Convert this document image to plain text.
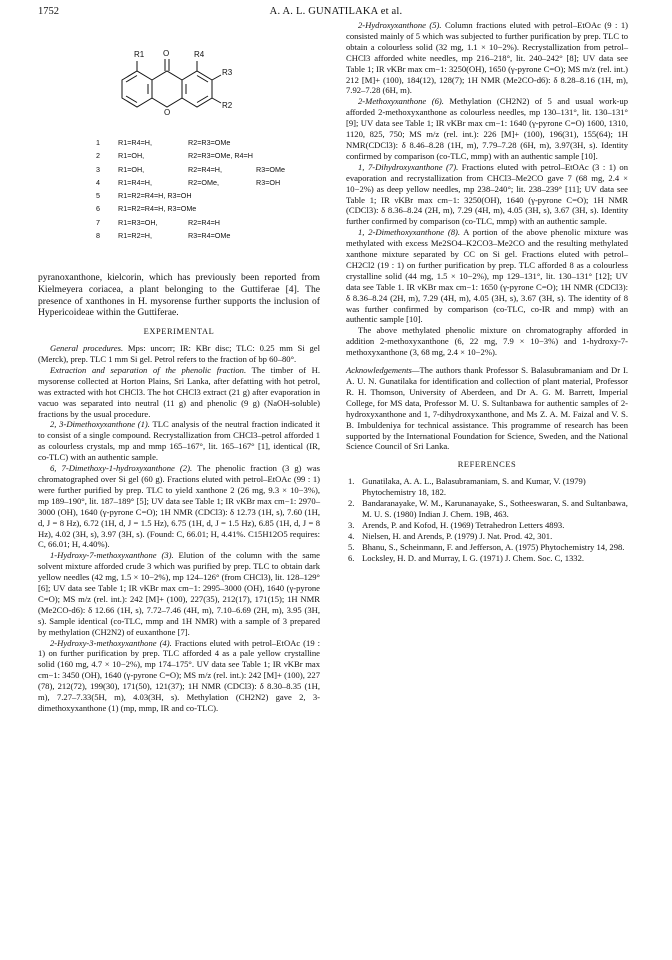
1752	A. A. L. GUNATILAKA et al.
R1 O	R4
R3
R2
O
1	R1=R4=H,	R2=R3=OMe
2	R1=OH,	R2=R3=OMe, R4=H
3	R1=OH,	R2=R4=H,	R3=OMe
4	R1=R4=H,	R2=OMe,	R3=OH
5	R1=R2=R4=H, R3=OH
6	R1=R2=R4=H, R3=OMe
7	R1=R3=OH,	R2=R4=H
8	R1=R2=H,	R3=R4=OMe

pyranoxanthone, kielcorin, which has previously been reported from Kielmeyera coriacea, a plant belonging to the Guttiferae [4]. The presence of xanthones in H. mysorense further supports the inclusion of Hypericoideae within the Guttiferae.

EXPERIMENTAL

General procedures. Mps: uncorr; IR: KBr disc; TLC: 0.25 mm Si gel (Merck), prep. TLC 1 mm Si gel. Petrol refers to the fraction of bp 60–80°.

Extraction and separation of the phenolic fraction. The timber of H. mysorense collected at Horton Plains, Sri Lanka, after defatting with hot petrol, was extracted with hot CHCl3. The hot CHCl3 extract (21 g) after evaporation in vacuo was separated into neutral (11 g) and phenolic (9 g) (NaOH-soluble) fractions by the usual procedure.

2, 3-Dimethoxyxanthone (1). TLC analysis of the neutral fraction indicated it to consist of a single compound. Recrystallization from CHCl3–petrol afforded 1 as colourless crystals, mp and mmp 165–167°, lit. 165–167° [1], identical (IR, co-TLC) with an authentic sample.

6, 7-Dimethoxy-1-hydroxyxanthone (2). The phenolic fraction (3 g) was chromatographed over Si gel (60 g). Fractions eluted with petrol–EtOAc (99 : 1) were further purified by prep. TLC to yield xanthone 2 (26 mg, 9.3 × 10−3%), mp 189–190°, lit. 187–189° [5]; UV data see Table 1; IR νKBr max cm−1: 2970–3000 (OH), 1640 (γ-pyrone C=O); 1H NMR (CDCl3): δ 12.73 (1H, s), 7.60 (1H, d, J = 8 Hz), 6.72 (1H, d, J = 1.5 Hz), 6.75 (1H, d, J = 1.5 Hz), 6.85 (1H, d, J = 8 Hz), 4.02 (3H, s), 3.97 (3H, s). (Found: C, 66.01; H, 4.41%. C15H12O5 requires: C, 66.01; H, 4.40%).

1-Hydroxy-7-methoxyxanthone (3). Elution of the column with the same solvent mixture afforded crude 3 which was purified by prep. TLC to obtain dark yellow needles (42 mg, 1.5 × 10−2%), mp 124–126° (from CHCl3), lit. 128–129° [6]; UV data see Table 1; IR νKBr max cm−1: 2995–3000 (OH), 1640 (γ-pyrone C=O); MS m/z (rel. int.): 242 [M]+ (100), 227(35), 212(17), 171(15); 1H NMR (Me2CO-d6): δ 12.66 (1H, s), 7.72–7.46 (4H, m), 7.10–6.69 (2H, m), 3.95 (3H, s). Sample identical (co-TLC, mmp and 1H NMR) with a sample of 3 prepared by methylation (CH2N2) of euxanthone [7].

2-Hydroxy-3-methoxyxanthone (4). Fractions eluted with petrol–EtOAc (19 : 1) on further purification by prep. TLC afforded 4 as a pale yellow crystalline solid (160 mg, 4.7 × 10−2%), mp 174–175°. UV data see Table 1; IR νKBr max cm−1: 3450 (OH), 1640 (γ-pyrone C=O); MS m/z (rel. int.): 242 [M]+ (100), 227 (78), 212(72), 199(30), 171(50), 121(37); 1H NMR (CDCl3): δ 8.30–8.35 (1H, m), 7.27–7.33(5H, m), 4.03(3H, s). Methylation (CH2N2) gave 2, 3-dimethoxyxanthone (1) (mp, mmp, IR and co-TLC).

2-Hydroxyxanthone (5). Column fractions eluted with petrol–EtOAc (9 : 1) consisted mainly of 5 which was subjected to further purification by prep. TLC to obtain a colourless solid (32 mg, 1.1 × 10−2%). Recrystallization from petrol–CHCl3 afforded white needles, mp 216–218°, lit. 240–242° [8]; UV data see Table 1; IR νKBr max cm−1: 3250(OH), 1650 (γ-pyrone C=O); MS m/z (rel. int.) 212 [M]+ (100), 184(12), 128(7); 1H NMR (Me2CO-d6): δ 8.28–8.16 (1H, m), 7.92–7.28 (6H, m).

2-Methoxyxanthone (6). Methylation (CH2N2) of 5 and usual work-up afforded 2-methoxyxanthone as colourless needles, mp 130–131°, lit. 130–131° [9]; UV data see Table 1; IR νKBr max cm−1: 1640 (γ-pyrone C=O) 1600, 1310, 1120, 825, 750; MS m/z (rel. int.): 226 [M]+ (100), 196(31), 155(64); 1H NMR(CDCl3): δ 8.46–8.28 (1H, m), 7.79–7.28 (6H, m), 3.97(3H, s). Identity confirmed by comparison (co-TLC, mmp) with an authentic sample [10].

1, 7-Dihydroxyxanthone (7). Fractions eluted with petrol–EtOAc (3 : 1) on evaporation and recrystallization from CHCl3–Me2CO gave 7 (68 mg, 2.4 × 10−2%) as deep yellow needles, mp 238–240°; lit. 238–239° [11]; UV data see Table 1; IR νKBr max cm−1: 3250(OH), 1640 (γ-pyrone C=O); 1H NMR (CDCl3): δ 8.36–8.24 (2H, m), 7.29 (4H, m), 4.05 (3H, s), 3.67 (3H, s). Identity further confirmed by comparison (co-TLC, mmp) with an authentic sample.

1, 2-Dimethoxyxanthone (8). A portion of the above phenolic mixture was methylated with excess Me2SO4–K2CO3–Me2CO and the resulting methylated xanthone mixture separated by CC on Si gel. Fractions eluted with petrol–CH2Cl2 (19 : 1) on further purification by prep. TLC afforded 8 as a colourless crystalline solid (44 mg, 1.5 × 10−2%), mp 129–131°, lit. 130–131° [12]; UV data see Table 1. IR νKBr max cm−1: 1650 (γ-pyrone C=O); 1H NMR (CDCl3): δ 8.36–8.24 (2H, m), 7.29 (4H, m), 4.05 (3H, s), 3.67 (3H, s). The identity of 8 was further confirmed by comparison (co-TLC, co-IR and mmp) with an authentic sample [10].

The above methylated phenolic mixture on chromatography afforded in addition 2-methoxyxanthone (6, 22 mg, 7.9 × 10−3%) and 1-hydroxy-7-methoxyxanthone (3, 68 mg, 2.4 × 10−2%).

Acknowledgements—The authors thank Professor S. Balasubramaniam and Dr I. A. U. N. Gunatilaka for identification and collection of plant material, Professor R. H. Thomson, University of Aberdeen, and Dr A. G. M. Barrett, Imperial College, for MS data, Professor M. U. S. Sultanbawa for authentic samples of 2-hydroxyxanthone and 1, 7-dihydroxyxanthone, and Ms Z. A. M. Faizal and V. S. B. Imbuldeniya for technical assistance. This programme of research has been supported by the International Foundation for Science, Sweden, and the National Science Council of Sri Lanka.

REFERENCES
1. Gunatilaka, A. A. L., Balasubramaniam, S. and Kumar, V. (1979) Phytochemistry 18, 182.
2. Bandaranayake, W. M., Karunanayake, S., Sotheeswaran, S. and Sultanbawa, M. U. S. (1980) Indian J. Chem. 19B, 463.
3. Arends, P. and Kofod, H. (1969) Tetrahedron Letters 4893.
4. Nielsen, H. and Arends, P. (1979) J. Nat. Prod. 42, 301.
5. Bhanu, S., Scheinmann, F. and Jefferson, A. (1975) Phytochemistry 14, 298.
6. Locksley, H. D. and Murray, I. G. (1971) J. Chem. Soc. C, 1332.
